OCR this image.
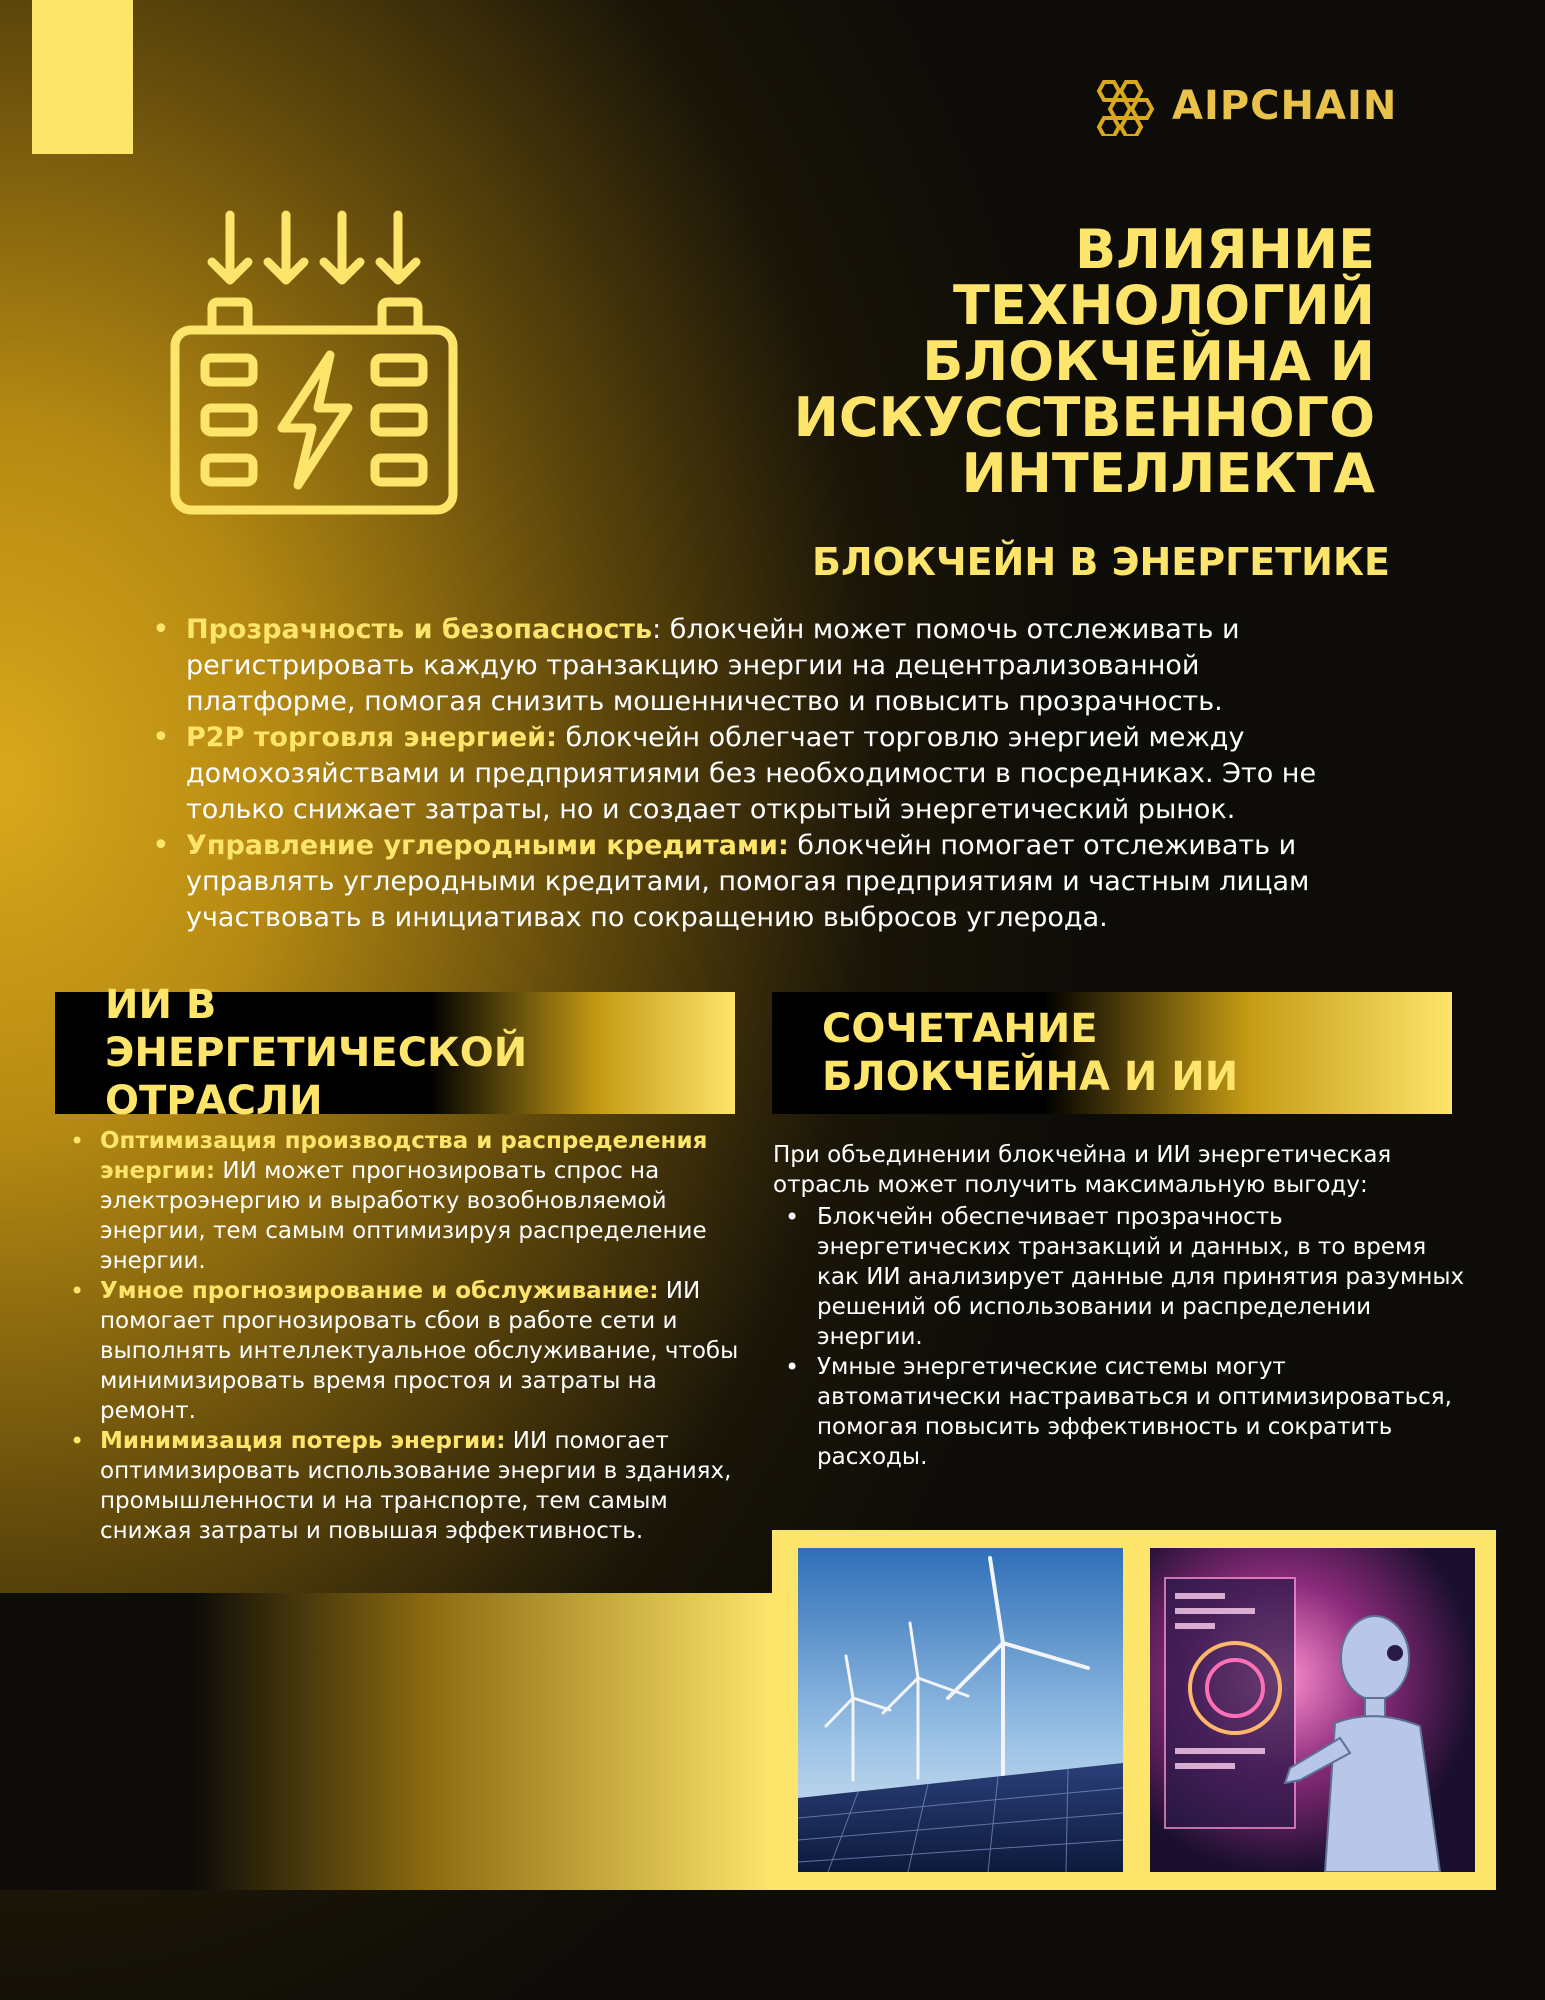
AIPCHAIN
ВЛИЯНИЕ ТЕХНОЛОГИЙ БЛОКЧЕЙНА И ИСКУССТВЕННОГО ИНТЕЛЛЕКТА
БЛОКЧЕЙН В ЭНЕРГЕТИКЕ
• Прозрачность и безопасность: блокчейн может помочь отслеживать и регистрировать каждую транзакцию энергии на децентрализованной платформе, помогая снизить мошенничество и повысить прозрачность.
• P2P торговля энергией: блокчейн облегчает торговлю энергией между домохозяйствами и предприятиями без необходимости в посредниках. Это не только снижает затраты, но и создает открытый энергетический рынок.
• Управление углеродными кредитами: блокчейн помогает отслеживать и управлять углеродными кредитами, помогая предприятиям и частным лицам участвовать в инициативах по сокращению выбросов углерода.
ИИ В ЭНЕРГЕТИЧЕСКОЙ ОТРАСЛИ
СОЧЕТАНИЕ БЛОКЧЕЙНА И ИИ
• Оптимизация производства и распределения энергии: ИИ может прогнозировать спрос на электроэнергию и выработку возобновляемой энергии, тем самым оптимизируя распределение энергии.
• Умное прогнозирование и обслуживание: ИИ помогает прогнозировать сбои в работе сети и выполнять интеллектуальное обслуживание, чтобы минимизировать время простоя и затраты на ремонт.
• Минимизация потерь энергии: ИИ помогает оптимизировать использование энергии в зданиях, промышленности и на транспорте, тем самым снижая затраты и повышая эффективность.
При объединении блокчейна и ИИ энергетическая отрасль может получить максимальную выгоду:
• Блокчейн обеспечивает прозрачность энергетических транзакций и данных, в то время как ИИ анализирует данные для принятия разумных решений об использовании и распределении энергии.
• Умные энергетические системы могут автоматически настраиваться и оптимизироваться, помогая повысить эффективность и сократить расходы.
